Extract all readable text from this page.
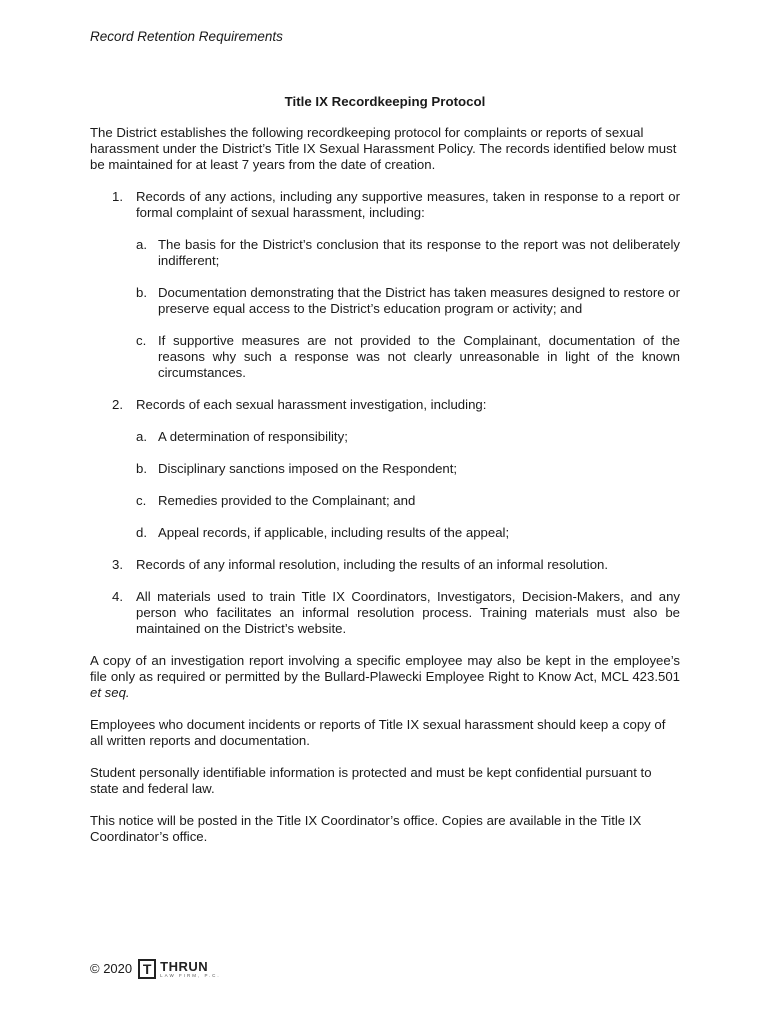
Record Retention Requirements

Title IX Recordkeeping Protocol

The District establishes the following recordkeeping protocol for complaints or reports of sexual harassment under the District’s Title IX Sexual Harassment Policy. The records identified below must be maintained for at least 7 years from the date of creation.

1. Records of any actions, including any supportive measures, taken in response to a report or formal complaint of sexual harassment, including:
a. The basis for the District’s conclusion that its response to the report was not deliberately indifferent;
b. Documentation demonstrating that the District has taken measures designed to restore or preserve equal access to the District’s education program or activity; and
c. If supportive measures are not provided to the Complainant, documentation of the reasons why such a response was not clearly unreasonable in light of the known circumstances.
2. Records of each sexual harassment investigation, including:
a. A determination of responsibility;
b. Disciplinary sanctions imposed on the Respondent;
c. Remedies provided to the Complainant; and
d. Appeal records, if applicable, including results of the appeal;
3. Records of any informal resolution, including the results of an informal resolution.
4. All materials used to train Title IX Coordinators, Investigators, Decision-Makers, and any person who facilitates an informal resolution process. Training materials must also be maintained on the District’s website.

A copy of an investigation report involving a specific employee may also be kept in the employee’s file only as required or permitted by the Bullard-Plawecki Employee Right to Know Act, MCL 423.501 et seq.

Employees who document incidents or reports of Title IX sexual harassment should keep a copy of all written reports and documentation.

Student personally identifiable information is protected and must be kept confidential pursuant to state and federal law.

This notice will be posted in the Title IX Coordinator’s office. Copies are available in the Title IX Coordinator’s office.

© 2020 T THRUN
LAW FIRM, P.C.
